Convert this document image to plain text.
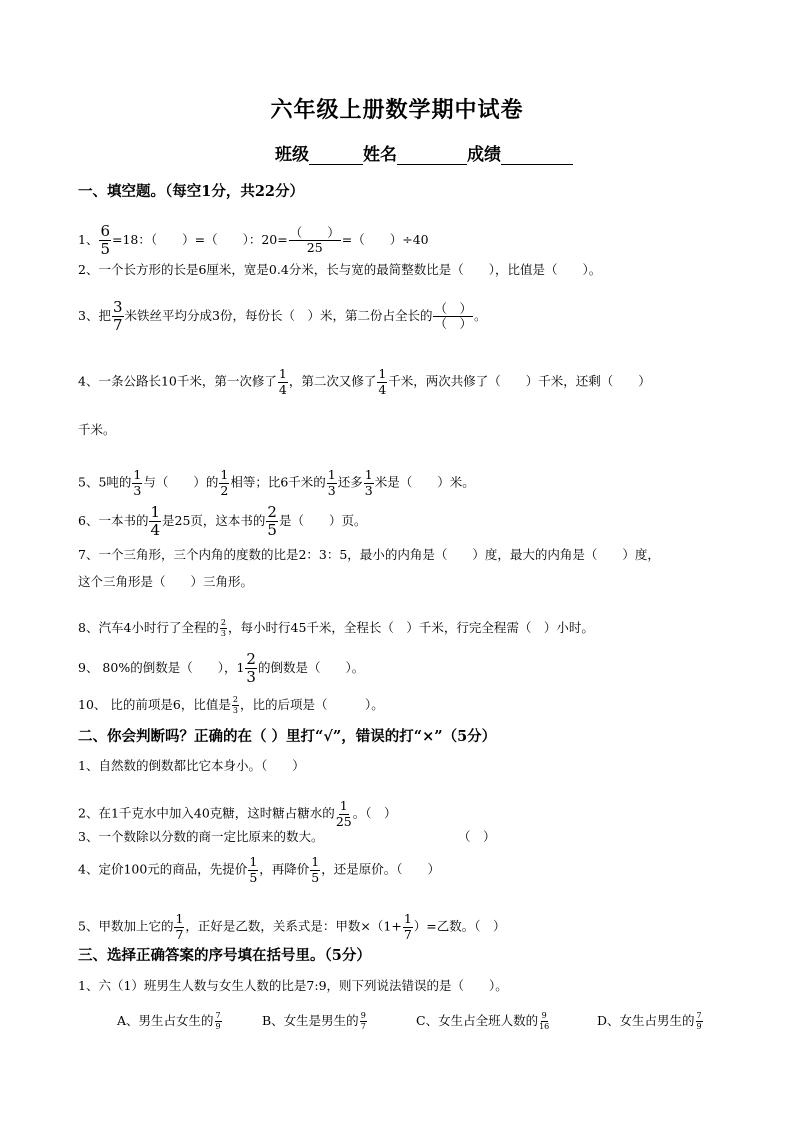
六年级上册数学期中试卷
班级	姓名	成绩
一、填空题。（每空1分，共22分）
1、 $\frac{6}{5} =18$：（　　）=（　　）：$20= \frac{( )}{25}$ =（　　）÷40
2、一个长方形的长是6厘米，宽是0.4分米，长与宽的最简整数比是（　　），比值是（　　）。
3、把 $\frac{3}{7}$ 米铁丝平均分成3份，每份长（　）米，第二份占全长的 $\frac{( )}{( )}$ 。
4、一条公路长10千米，第一次修了 $\frac{1}{4}$ ，第二次又修了 $\frac{1}{4}$ 千米，两次共修了（　　）千米，还剩（　　）
千米。
5、5吨的 $\frac{1}{3}$ 与（　　）的 $\frac{1}{2}$ 相等；比6千米的 $\frac{1}{3}$ 还多 $\frac{1}{3}$ 米是（　　）米。
6、一本书的 $\frac{1}{4}$ 是25页，这本书的 $\frac{2}{5}$ 是（　　）页。
7、一个三角形，三个内角的度数的比是2：3：5，最小的内角是（　　）度，最大的内角是（　　）度，
这个三角形是（　　）三角形。
8、汽车4小时行了全程的 $\frac{2}{3}$ ，每小时行45千米，全程长（　）千米，行完全程需（　）小时。
9、 80%的倒数是（　　），$1 \frac{2}{3}$ 的倒数是（　　）。
10、 比的前项是6，比值是 $\frac{2}{3}$ ，比的后项是（　　　）。
二、你会判断吗？正确的在（ ）里打“√”，错误的打“×”（5分）
1、自然数的倒数都比它本身小。（　　）
2、在1千克水中加入40克糖，这时糖占糖水的 $\frac{1}{25}$ 。（　）
3、一个数除以分数的商一定比原来的数大。	（　）
4、定价100元的商品，先提价 $\frac{1}{5}$ ，再降价 $\frac{1}{5}$ ，还是原价。（　　）
5、甲数加上它的 $\frac{1}{7}$ ，正好是乙数，关系式是：甲数$\times(1+ \frac{1}{7}$ ）=乙数。（　）
三、选择正确答案的序号填在括号里。（5分）
1、六（1）班男生人数与女生人数的比是7:9，则下列说法错误的是（　　）。
A、男生占女生的 $\frac{7}{9}$	B、女生是男生的 $\frac{9}{7}$	C、女生占全班人数的 $\frac{9}{16}$	D、女生占男生的 $\frac{7}{9}$
